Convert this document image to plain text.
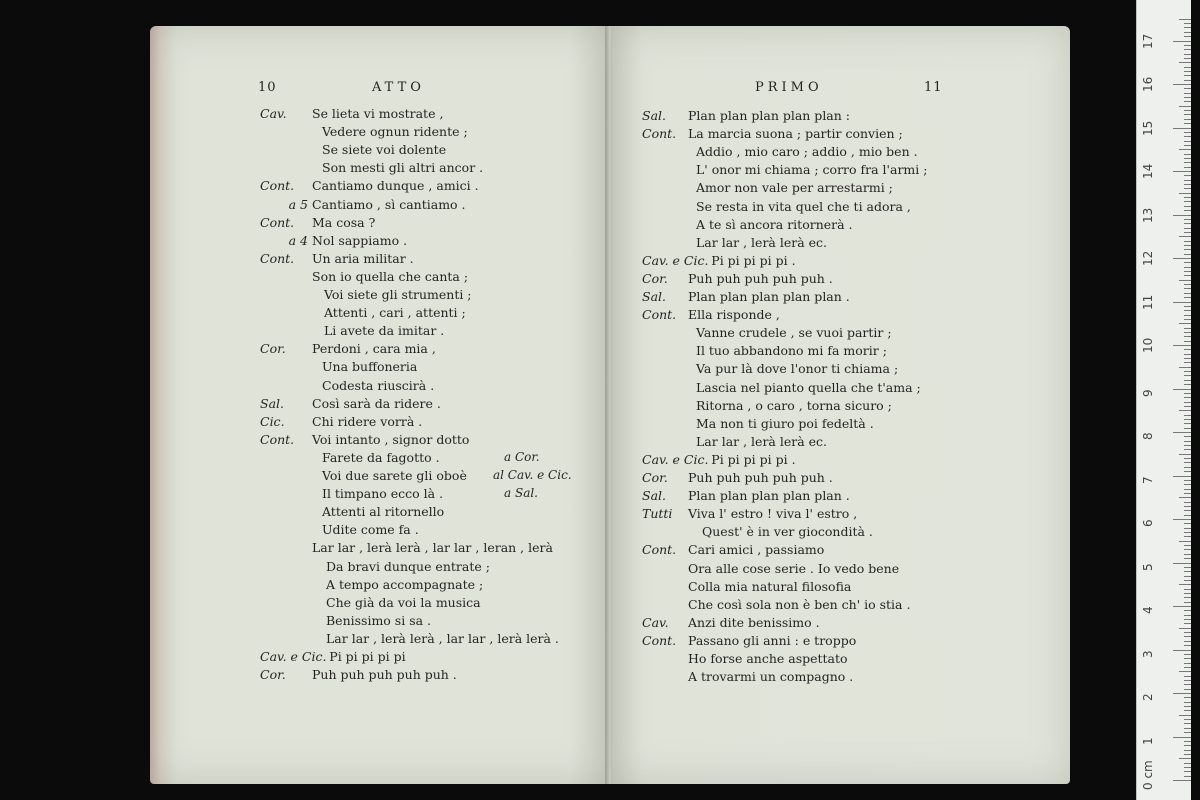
10	ATTO
Cav. Se lieta vi mostrate ,
Vedere ognun ridente ;
Se siete voi dolente
Son mesti gli altri ancor .
Cont. Cantiamo dunque , amici .
a 5 Cantiamo , sì cantiamo .
Cont. Ma cosa ?
a 4 Nol sappiamo .
Cont. Un aria militar .
Son io quella che canta ;
Voi siete gli strumenti ;
Attenti , cari , attenti ;
Li avete da imitar .
Cor. Perdoni , cara mia ,
Una buffoneria
Codesta riuscirà .
Sal. Così sarà da ridere .
Cic. Chi ridere vorrà .
Cont. Voi intanto , signor dotto
Farete da fagotto .
Voi due sarete gli oboè
Il timpano ecco là .
Attenti al ritornello
Udite come fa .
Lar lar , lerà lerà , lar lar , leran , lerà
Da bravi dunque entrate ;
A tempo accompagnate ;
Che già da voi la musica
Benissimo si sa .
Lar lar , lerà lerà , lar lar , lerà lerà .
Cav. e Cic. Pi pi pi pi pi
Cor. Puh puh puh puh puh .
a Cor.
al Cav. e Cic.
a Sal.
PRIMO	11
Sal. Plan plan plan plan plan :
Cont. La marcia suona ; partir convien ;
Addio , mio caro ; addio , mio ben .
L' onor mi chiama ; corro fra l'armi ;
Amor non vale per arrestarmi ;
Se resta in vita quel che ti adora ,
A te sì ancora ritornerà .
Lar lar , lerà lerà ec.
Cav. e Cic. Pi pi pi pi pi .
Cor. Puh puh puh puh puh .
Sal. Plan plan plan plan plan .
Cont. Ella risponde ,
Vanne crudele , se vuoi partir ;
Il tuo abbandono mi fa morir ;
Va pur là dove l'onor ti chiama ;
Lascia nel pianto quella che t'ama ;
Ritorna , o caro , torna sicuro ;
Ma non ti giuro poi fedeltà .
Lar lar , lerà lerà ec.
Cav. e Cic. Pi pi pi pi pi .
Cor. Puh puh puh puh puh .
Sal. Plan plan plan plan plan .
Tutti Viva l' estro ! viva l' estro ,
Quest' è in ver giocondità .
Cont. Cari amici , passiamo
Ora alle cose serie . Io vedo bene
Colla mia natural filosofia
Che così sola non è ben ch' io stia .
Cav. Anzi dite benissimo .
Cont. Passano gli anni : e troppo
Ho forse anche aspettato
A trovarmi un compagno .
1
2
3
4
5
6
7
8
9
10
11
12
13
14
15
16
17
0 cm
